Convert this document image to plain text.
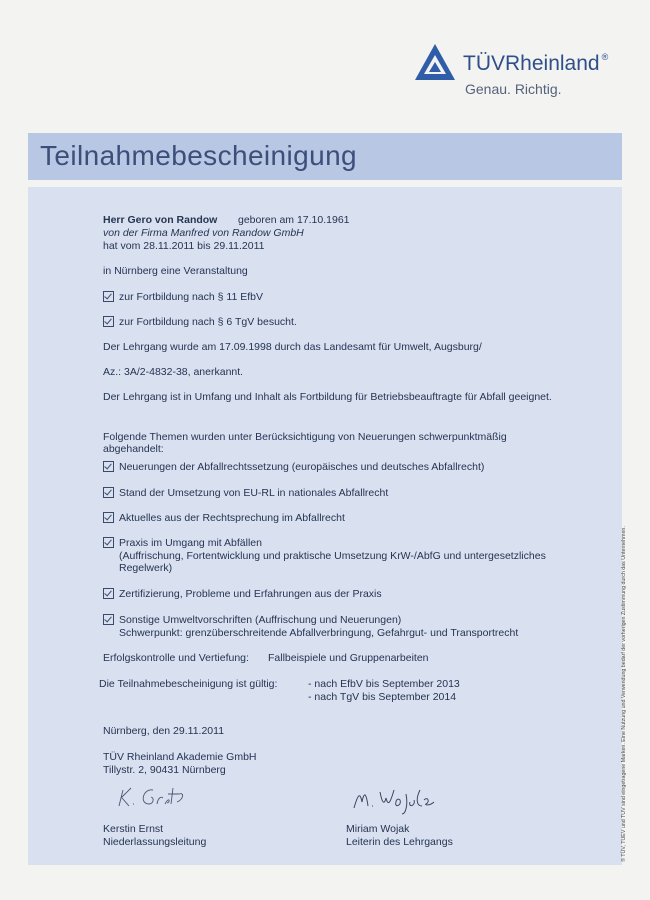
TÜVRheinland ®
Genau. Richtig.
Teilnahmebescheinigung
Herr Gero von Randow geboren am 17.10.1961
von der Firma Manfred von Randow GmbH
hat vom 28.11.2011 bis 29.11.2011
in Nürnberg eine Veranstaltung
zur Fortbildung nach § 11 EfbV
zur Fortbildung nach § 6 TgV besucht.
Der Lehrgang wurde am 17.09.1998 durch das Landesamt für Umwelt, Augsburg/
Az.: 3A/2-4832-38, anerkannt.
Der Lehrgang ist in Umfang und Inhalt als Fortbildung für Betriebsbeauftragte für Abfall geeignet.
Folgende Themen wurden unter Berücksichtigung von Neuerungen schwerpunktmäßig
abgehandelt:
Neuerungen der Abfallrechtssetzung (europäisches und deutsches Abfallrecht)
Stand der Umsetzung von EU-RL in nationales Abfallrecht
Aktuelles aus der Rechtsprechung im Abfallrecht
Praxis im Umgang mit Abfällen
(Auffrischung, Fortentwicklung und praktische Umsetzung KrW-/AbfG und untergesetzliches
Regelwerk)
Zertifizierung, Probleme und Erfahrungen aus der Praxis
Sonstige Umweltvorschriften (Auffrischung und Neuerungen)
Schwerpunkt: grenzüberschreitende Abfallverbringung, Gefahrgut- und Transportrecht
Erfolgskontrolle und Vertiefung: Fallbeispiele und Gruppenarbeiten
Die Teilnahmebescheinigung ist gültig:	- nach EfbV bis September 2013
- nach TgV bis September 2014
Nürnberg, den 29.11.2011
TÜV Rheinland Akademie GmbH
Tillystr. 2, 90431 Nürnberg
Kerstin Ernst
Niederlassungsleitung
Miriam Wojak
Leiterin des Lehrgangs	® TÜV, TUEV und TUV sind eingetragene Marken. Eine Nutzung und Verwendung bedarf der vorherigen Zustimmung durch das Unternehmen.
